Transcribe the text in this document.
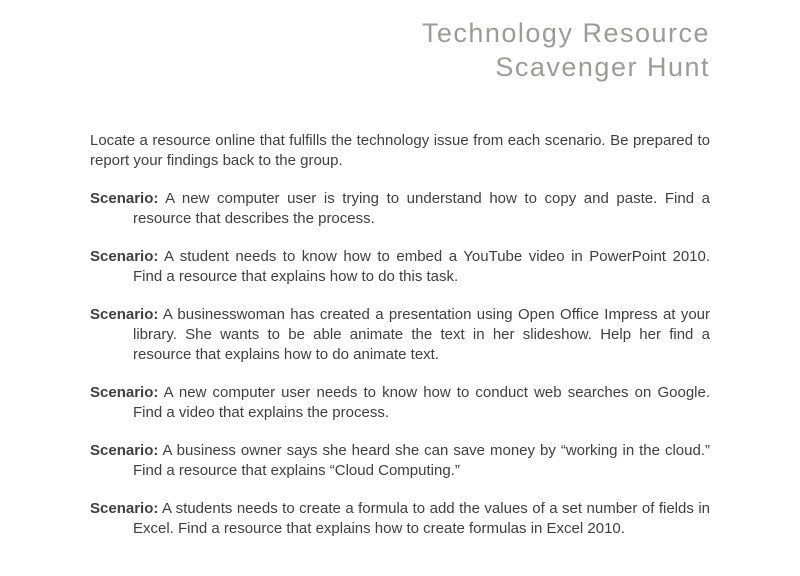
Technology Resource
Scavenger Hunt

Locate a resource online that fulfills the technology issue from each scenario. Be prepared to report your findings back to the group.

Scenario: A new computer user is trying to understand how to copy and paste. Find a resource that describes the process.

Scenario: A student needs to know how to embed a YouTube video in PowerPoint 2010. Find a resource that explains how to do this task.

Scenario: A businesswoman has created a presentation using Open Office Impress at your library. She wants to be able animate the text in her slideshow. Help her find a resource that explains how to do animate text.

Scenario: A new computer user needs to know how to conduct web searches on Google. Find a video that explains the process.

Scenario: A business owner says she heard she can save money by “working in the cloud.” Find a resource that explains “Cloud Computing.”

Scenario: A students needs to create a formula to add the values of a set number of fields in Excel. Find a resource that explains how to create formulas in Excel 2010.
